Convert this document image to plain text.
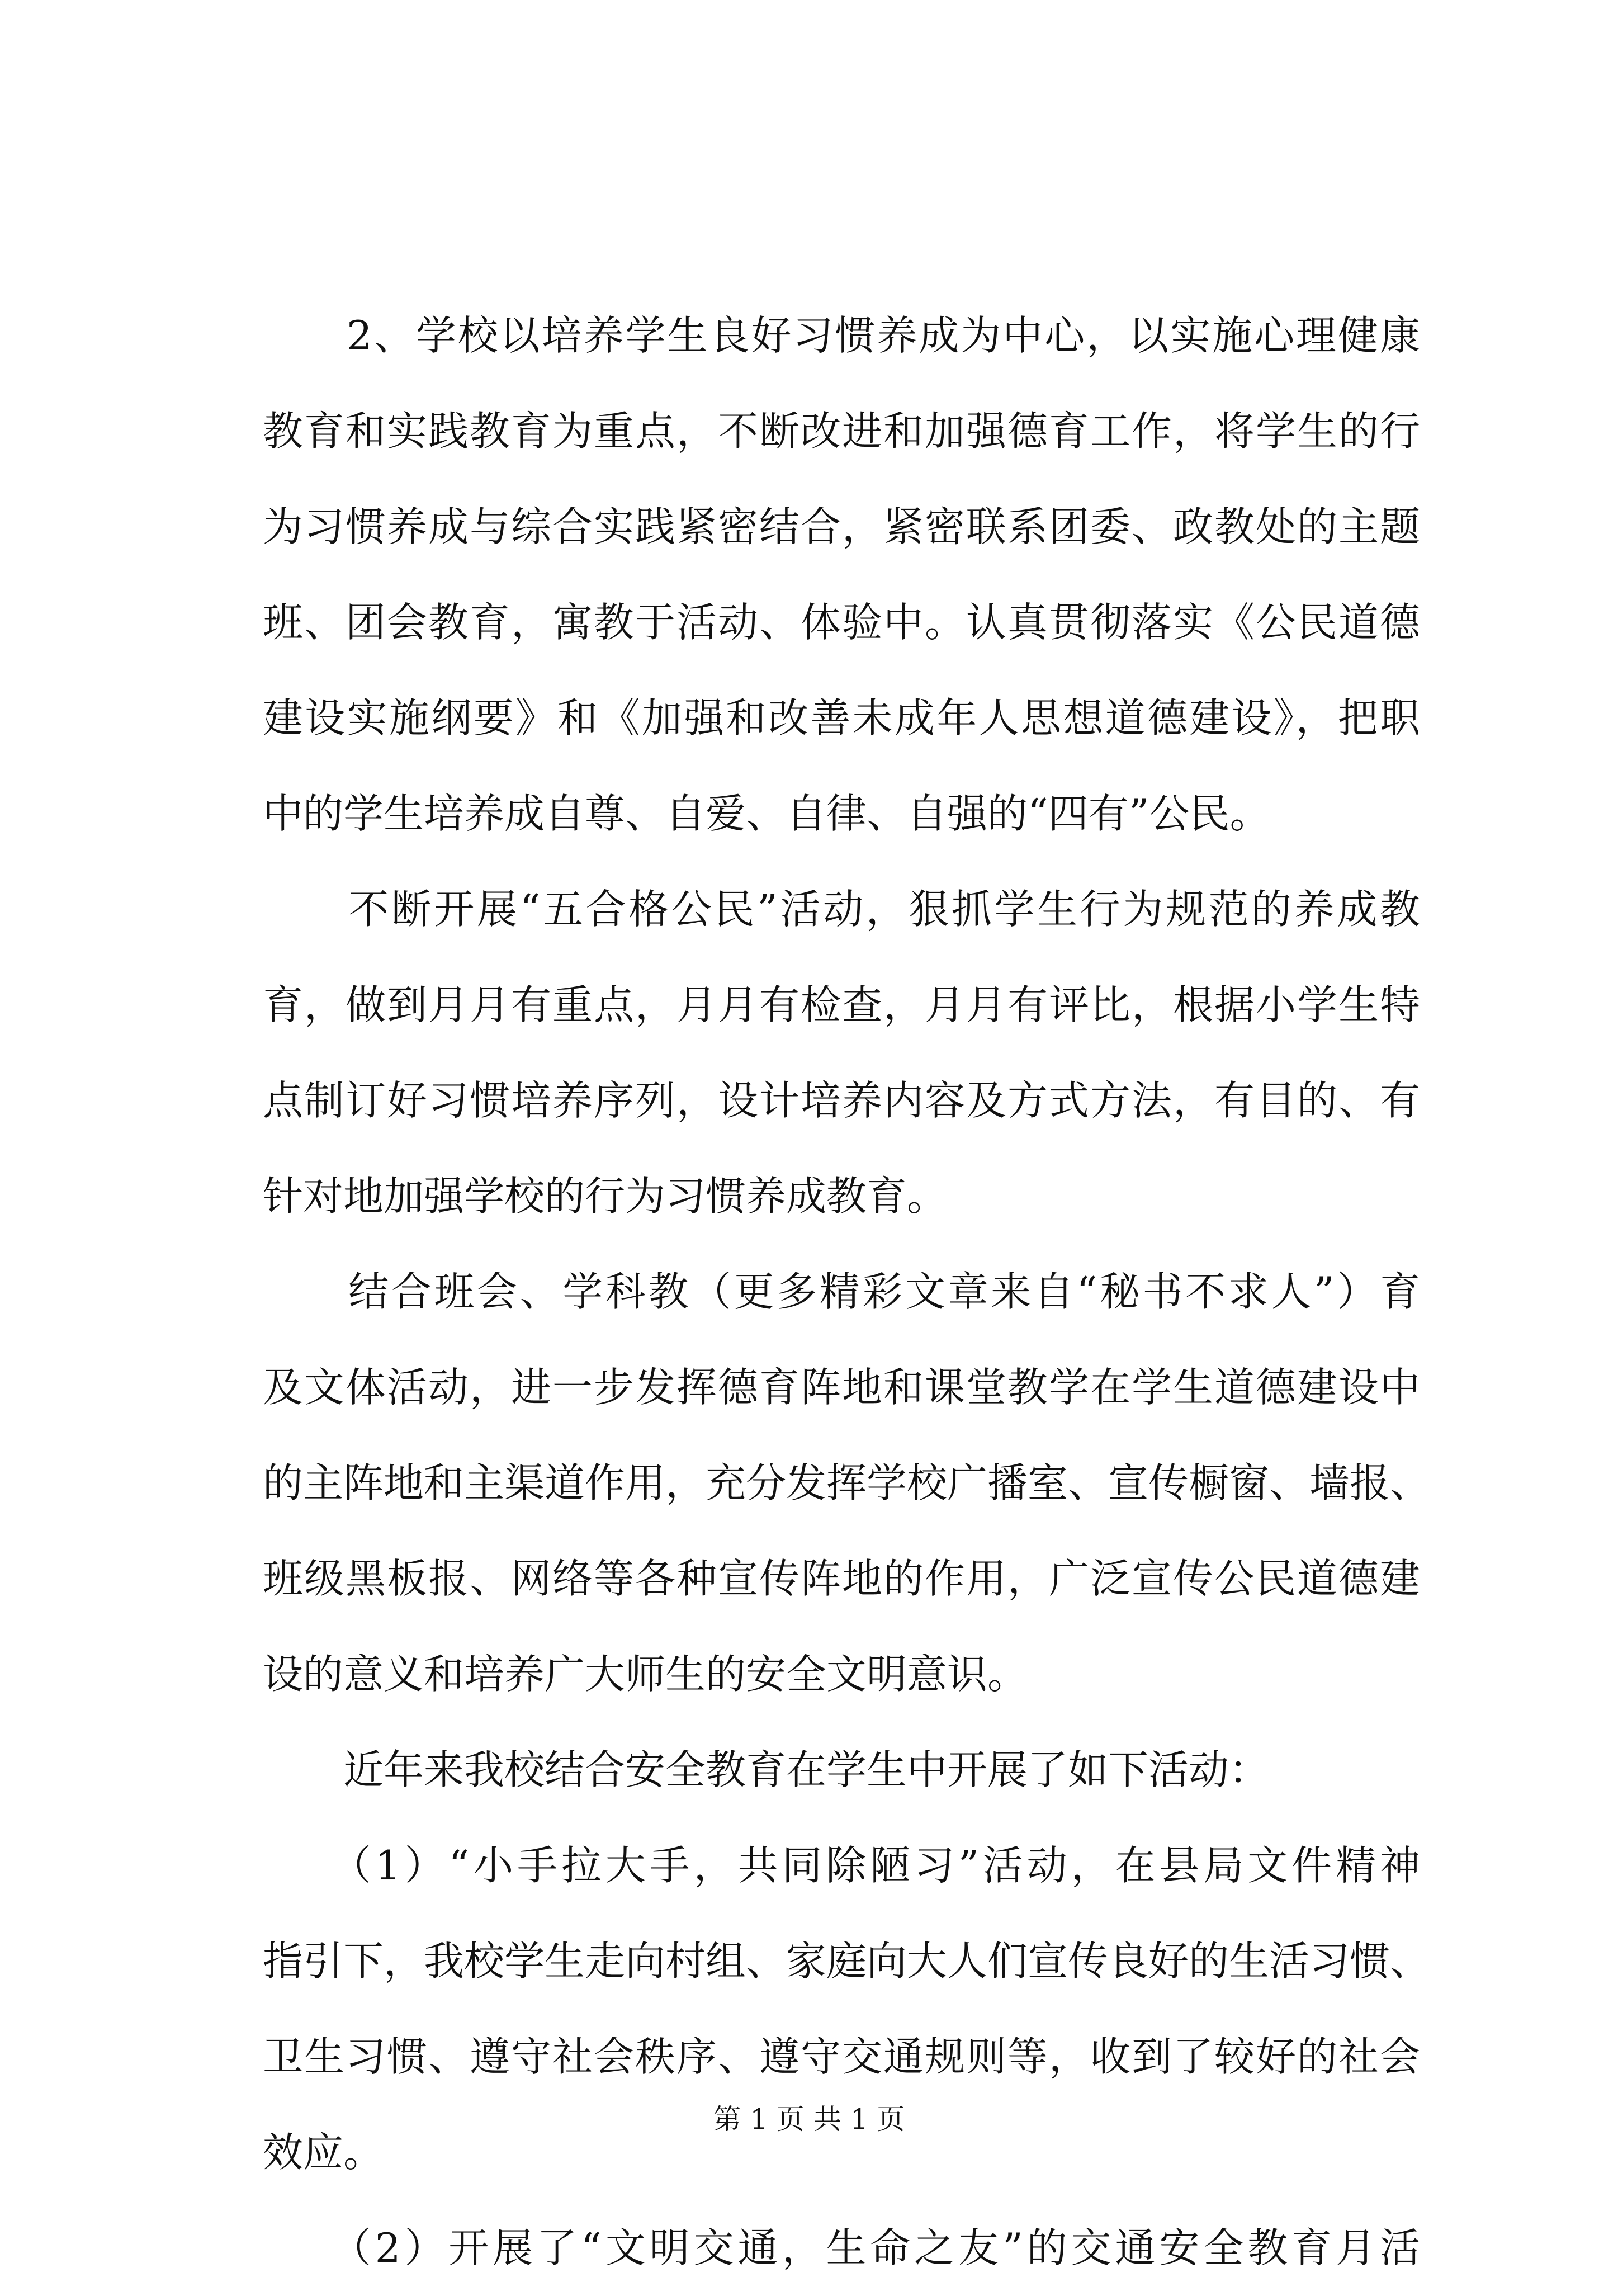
　　2、学校以培养学生良好习惯养成为中心，以实施心理健康
教育和实践教育为重点，不断改进和加强德育工作，将学生的行
为习惯养成与综合实践紧密结合，紧密联系团委、政教处的主题
班、团会教育，寓教于活动、体验中。认真贯彻落实《公民道德
建设实施纲要》和《加强和改善未成年人思想道德建设》，把职
中的学生培养成自尊、自爱、自律、自强的“四有”公民。
　　不断开展“五合格公民”活动，狠抓学生行为规范的养成教
育，做到月月有重点，月月有检查，月月有评比，根据小学生特
点制订好习惯培养序列，设计培养内容及方式方法，有目的、有
针对地加强学校的行为习惯养成教育。
　　结合班会、学科教（更多精彩文章来自“秘书不求人”）育
及文体活动，进一步发挥德育阵地和课堂教学在学生道德建设中
的主阵地和主渠道作用，充分发挥学校广播室、宣传橱窗、墙报、
班级黑板报、网络等各种宣传阵地的作用，广泛宣传公民道德建
设的意义和培养广大师生的安全文明意识。
　　近年来我校结合安全教育在学生中开展了如下活动：
　　（1）“小手拉大手，共同除陋习”活动，在县局文件精神
指引下，我校学生走向村组、家庭向大人们宣传良好的生活习惯、
卫生习惯、遵守社会秩序、遵守交通规则等，收到了较好的社会
效应。
　　（2）开展了“文明交通，生命之友”的交通安全教育月活
第 1 页 共 1 页
